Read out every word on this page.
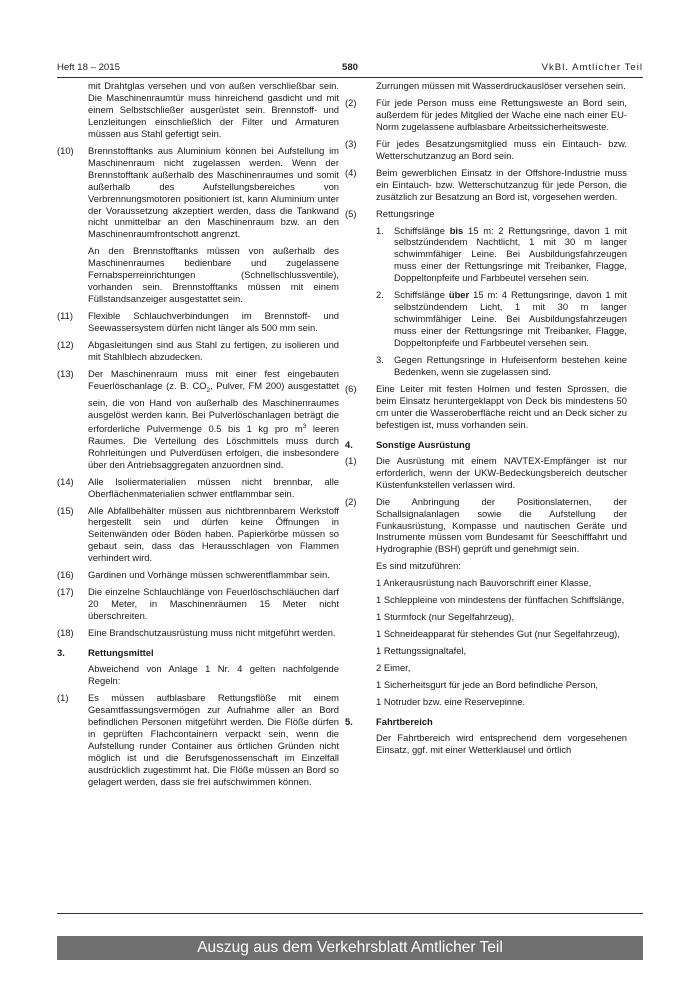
Heft 18 – 2015	580	VkBl. Amtlicher Teil
mit Drahtglas versehen und von außen verschließbar sein. Die Maschinenraumtür muss hinreichend gasdicht und mit einem Selbstschließer ausgerüstet sein. Brennstoff- und Lenzleitungen einschließlich der Filter und Armaturen müssen aus Stahl gefertigt sein.
(10)	Brennstofftanks aus Aluminium können bei Aufstellung im Maschinenraum nicht zugelassen werden. Wenn der Brennstofftank außerhalb des Maschinenraumes und somit außerhalb des Aufstellungsbereiches von Verbrennungsmotoren positioniert ist, kann Aluminium unter der Voraussetzung akzeptiert werden, dass die Tankwand nicht unmittelbar an den Maschinenraum bzw. an den Maschinenraumfrontschott angrenzt.
An den Brennstofftanks müssen von außerhalb des Maschinenraumes bedienbare und zugelassene Fernabsperreinrichtungen (Schnellschlussventile), vorhanden sein. Brennstofftanks müssen mit einem Füllstandsanzeiger ausgestattet sein.
(11)	Flexible Schlauchverbindungen im Brennstoff- und Seewassersystem dürfen nicht länger als 500 mm sein.
(12)	Abgasleitungen sind aus Stahl zu fertigen, zu isolieren und mit Stahlblech abzudecken.
(13)	Der Maschinenraum muss mit einer fest eingebauten Feuerlöschanlage (z. B. $CO_2$, Pulver, FM 200) ausgestattet sein, die von Hand von außerhalb des Maschinenraumes ausgelöst werden kann. Bei Pulverlöschanlagen beträgt die erforderliche Pulvermenge 0.5 bis 1 kg pro $m^3$ leeren Raumes. Die Verteilung des Löschmittels muss durch Rohrleitungen und Pulverdüsen erfolgen, die insbesondere über den Antriebsaggregaten anzuordnen sind.
(14)	Alle Isoliermaterialien müssen nicht brennbar, alle Oberflächenmaterialien schwer entflammbar sein.
(15)	Alle Abfallbehälter müssen aus nichtbrennbarem Werkstoff hergestellt sein und dürfen keine Öffnungen in Seitenwänden oder Böden haben. Papierkörbe müssen so gebaut sein, dass das Herausschlagen von Flammen verhindert wird.
(16)	Gardinen und Vorhänge müssen schwerentflammbar sein.
(17)	Die einzelne Schlauchlänge von Feuerlöschschläuchen darf 20 Meter, in Maschinenräumen 15 Meter nicht überschreiten.
(18)	Eine Brandschutzausrüstung muss nicht mitgeführt werden.
3.	Rettungsmittel
Abweichend von Anlage 1 Nr. 4 gelten nachfolgende Regeln:
(1)	Es müssen aufblasbare Rettungsflöße mit einem Gesamtfassungsvermögen zur Aufnahme aller an Bord befindlichen Personen mitgeführt werden. Die Flöße dürfen in geprüften Flachcontainern verpackt sein, wenn die Aufstellung runder Container aus örtlichen Gründen nicht möglich ist und die Berufsgenossenschaft im Einzelfall ausdrücklich zugestimmt hat. Die Flöße müssen an Bord so gelagert werden, dass sie frei aufschwimmen können.
Zurrungen müssen mit Wasserdruckauslöser versehen sein.
(2)	Für jede Person muss eine Rettungsweste an Bord sein, außerdem für jedes Mitglied der Wache eine nach einer EU-Norm zugelassene aufblasbare Arbeitssicherheitsweste.
(3)	Für jedes Besatzungsmitglied muss ein Eintauch- bzw. Wetterschutzanzug an Bord sein.
(4)	Beim gewerblichen Einsatz in der Offshore-Industrie muss ein Eintauch- bzw. Wetterschutzanzug für jede Person, die zusätzlich zur Besatzung an Bord ist, vorgesehen werden.
(5)	Rettungsringe
1.	Schiffslänge bis 15 m: 2 Rettungsringe, davon 1 mit selbstzündendem Nachtlicht, 1 mit 30 m langer schwimmfähiger Leine. Bei Ausbildungsfahrzeugen muss einer der Rettungsringe mit Treibanker, Flagge, Doppeltonpfeife und Farbbeutel versehen sein.
2.	Schiffslänge über 15 m: 4 Rettungsringe, davon 1 mit selbstzündendem Licht, 1 mit 30 m langer schwimmfähiger Leine. Bei Ausbildungsfahrzeugen muss einer der Rettungsringe mit Treibanker, Flagge, Doppeltonpfeife und Farbbeutel versehen sein.
3.	Gegen Rettungsringe in Hufeisenform bestehen keine Bedenken, wenn sie zugelassen sind.
(6)	Eine Leiter mit festen Holmen und festen Sprossen, die beim Einsatz heruntergeklappt von Deck bis mindestens 50 cm unter die Wasseroberfläche reicht und an Deck sicher zu befestigen ist, muss vorhanden sein.
4.	Sonstige Ausrüstung
(1)	Die Ausrüstung mit einem NAVTEX-Empfänger ist nur erforderlich, wenn der UKW-Bedeckungsbereich deutscher Küstenfunkstellen verlassen wird.
(2)	Die Anbringung der Positionslaternen, der Schallsignalanlagen sowie die Aufstellung der Funkausrüstung, Kompasse und nautischen Geräte und Instrumente müssen vom Bundesamt für Seeschifffahrt und Hydrographie (BSH) geprüft und genehmigt sein.
Es sind mitzuführen:
1 Ankerausrüstung nach Bauvorschrift einer Klasse,
1 Schleppleine von mindestens der fünffachen Schiffslänge,
1 Sturmfock (nur Segelfahrzeug),
1 Schneideapparat für stehendes Gut (nur Segelfahrzeug),
1 Rettungssignaltafel,
2 Eimer,
1 Sicherheitsgurt für jede an Bord befindliche Person,
1 Notruder bzw. eine Reservepinne.
5.	Fahrtbereich
Der Fahrtbereich wird entsprechend dem vorgesehenen Einsatz, ggf. mit einer Wetterklausel und örtlich
Auszug aus dem Verkehrsblatt Amtlicher Teil
